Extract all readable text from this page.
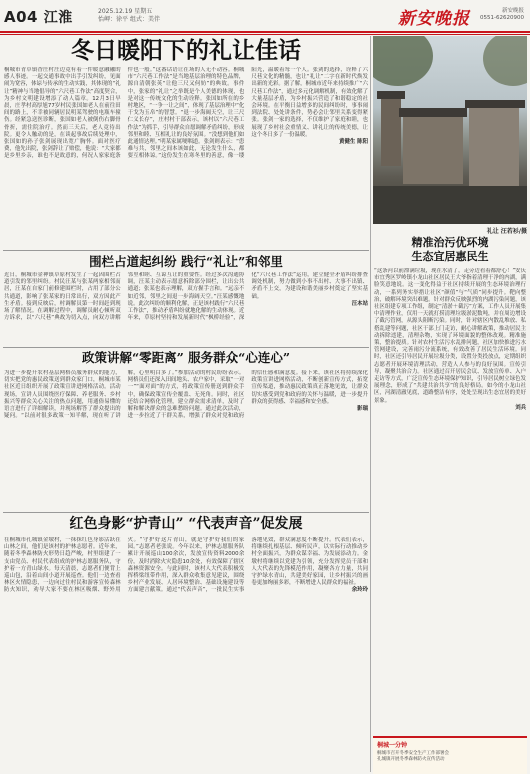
A04 江淮	2025.12.19 星期五
怡岬：徐平 组式：美伴	新安晚报	新安晚报
0551-62620900
冬日暖阳下的礼让佳话
桐城市青草镇香庄村庄边竟有着一件暖意融融的感人事迹。一起交通事故中出手引发纠纷，见面闹为宽容，体谅与传承的生动实践，其体现的“礼让”精神与当地倡导的“六尺巷工作法”高度契合，为乡村文明建设增添了动人篇章。12月3日早晨，庄孝村高厚旭77岁村民张国如老人在前往田间的路上，不幸被同辆居民明某驾驶的电瓶车撞伤。经紧急送医诊断，张国如老人被倒伤右脚骨骨折，需住院治疗。然而三天后，老人竟待出院。更令人触动的是，在谈起事故后续处理中，张国如的孙子张剑展现出宽广胸怀。面对医疗费，他先出院，张剑辞让了赔偿，他说：“大家都是乡里乡亲，谁也不是故意的，何况人家家庭条件也一般。”这番话语让在场的人无不动容。桐城市“六尺巷工作法”是当地基层治理的特色品牌，源自清朝张英“让他三尺又何妨”的典故。事件中，张家的“礼让”之举既是个人美德的体现，也是对这一传统文化的生动诠释。张国如所在的乡村地区，“一争一让之间”，体现了基层治理中“化干戈为玉帛”的智慧。“退一步海阔天空，让三尺仁义长存”，庄村村干部表示，该村以“六尺巷工作法”为抓手，引导群众自愿调解矛盾纠纷，形成邻里和睦、互相礼让的良好氛围。“没想到他们如此通情达理。”明某家属哽咽道。张剑则表示：“患难与共，邻里之间本该如此，无论发生什么，都要互相体谅。”这份发生在寒冬里的善意，像一缕阳光，温暖着每一个人。张剑的选择，诠释了六尺巷文化的精髓，也让“礼让”二字在新时代焕发出新的光彩。据了解，桐城市近年来持续推广“六尺巷工作法”，通过多元化调解机制，有效化解了大量基层矛盾，为乡村振兴营造了和谐稳定的社会环境。在平衡日益增多的民间纠纷时，事事闹到法院、处处讲条件，势必会让邻里关系变得紧张。张剑一家的选择，不仅维护了家庭和睦，也展现了乡村社会重情义、讲礼让的传统美德，让这个冬日多了一份温暖。
黄健生 陈阳
礼让 汪若衫/摄
精准治污优环境
生态宜居惠民生
“这条河以前漂满垃圾，现在水清了，走旁边看着都舒心！”安庆市宜秀区罗岭镇小龙山社区居民王大爷指着清理干净的内湖，满脸笑意地说。这一变化得益于社区持续开展的生态环境治理行动，一系列务实举措让社区“颜值”与“气质”同步提升。靶向整治，破解环境突出难题。针对群众反映强烈的内湖污染问题，该社区组建专项工作组，制定“清淤＋截污”方案，工作人员开展集中清理作业，仅用一天就打捞清理垃圾淤泥数吨，并在周边增设了截污管网，从源头阻断污染。同时，针对辖区内散乱堆放、私搭乱建等问题，社区干部上门走访，耐心讲解政策，推动居民主动拆除违建，清理杂物，实现了环境面貌的整体改观。精准施策，整治提质。针对农村生活污水乱排问题，社区加快推进污水管网建设，完善雨污分流系统，有效改善了居民生活环境。同时，社区还引导居民开展垃圾分类，设置分类投放点，定期组织志愿者开展环境清理活动，营造人人参与的良好氛围。宣传引导，凝聚共治合力。社区通过召开居民会议、发放宣传单、入户走访等方式，广泛宣传生态环境保护知识，引导居民树立绿色发展理念，形成了“共建共治共享”的良好格局。如今的小龙山社区，河湖清澈见底，道路整洁有序，处处呈现出生态宜居的美好景象。
刘兵
围栏占道起纠纷 践行“礼让”和邻里
近日，桐城市金神镇草原村发生了一起因围栏占道引发的邻里纠纷。村民汪某与张某两家相邻而居，汪某在自家门前修建围栏时，占用了部分公共通道，影响了张某家的日常出行，双方因此产生矛盾。接到反映后，村调解员第一时间赶到现场了解情况。在调解过程中，调解员耐心倾听双方诉求，以“六尺巷”典故为切入点，向双方讲解邻里和睦、互谅互让的重要性。经过多次沟通协调，汪某主动表示愿意拆除部分围栏，让出公共通道；张某也表示理解，双方握手言和。“远亲不如近邻，邻里之间退一步海阔天空。”汪某感慨地说。此次纠纷的顺利化解，正是该村践行“六尺巷工作法”，推动矛盾纠纷就地化解的生动体现。近年来，草原村坚持和发展新时代“枫桥经验”，深化“六尺巷工作法”运用，建立健全矛盾纠纷排查调处机制，努力做到小事不出村、大事不出镇、矛盾不上交，为建设和谐美丽乡村奠定了坚实基础。
汪本站
政策讲解“零距离” 服务群众“心连心”
为进一步提升农村基层网格员服务群众的能力，切实把党的惠民政策送到群众家门口，桐城市某社区近日组织开展了政策宣讲进网格活动。活动现场，宣讲人员围绕医疗保障、养老服务、乡村振兴等群众关心关注的热点问题，用通俗易懂的语言进行了详细解读，并现场解答了群众提出的疑问。“以前对很多政策一知半解，现在听了讲解，心里明白多了。”参加活动的村民纷纷表示。网格员们还深入田间地头、农户家中，采取“一对一”“面对面”的方式，将政策宣传册送到群众手中，确保政策宣传全覆盖、无死角。同时，社区还结合网格化管理，建立群众需求清单，及时了解和解决群众的急难愁盼问题。通过此次活动，进一步拉近了干群关系，增强了群众对党和政府的信任感和满意度。接下来，该社区将持续深化政策宣讲进网格活动，不断创新宣传方式，拓宽宣传渠道，推动惠民政策真正落地见效，让群众切实感受到党和政府的关怀与温暖，进一步提升群众的获得感、幸福感和安全感。
影瑞
红色身影“护青山” “代表声音”促发展
在桐城市孔城镇金墩村，一抹抹红色身影活跃在山林之间，他们是该村的护林志愿者。近年来，随着冬季森林防火形势日趋严峻，村里组建了一支由党员、村民代表组成的护林志愿服务队，守护着一方青山绿水。每天清晨，志愿者们便背上巡山包，沿着山间小道开展巡查。他们一边查看林区火情隐患，一边向过往村民和游客宣传森林防火知识，劝导大家不要在林区吸烟、野外用火。“守护好这片青山，就是守护好我们的家园。”志愿者老张说。今年以来，护林志愿服务队累计开展巡山100余次，发放宣传资料2000余份，及时消除火灾隐患10余处，有效保障了辖区森林资源安全。与此同时，该村人大代表积极发挥桥梁纽带作用，深入群众收集意见建议，围绕乡村产业发展、人居环境整治、基础设施建设等方面建言献策。通过“代表声音”，一批民生实事落地见效，群众满意度不断提升。代表们表示，将继续扎根基层、倾听民声，以实际行动推动乡村全面振兴，为群众谋幸福、为发展添动力。金墩村将继续以党建为引领，充分发挥党员干部和人大代表的先锋模范作用，凝聚各方力量，共同守护绿水青山，共建美好家园，让乡村振兴的画卷更加绚丽多彩，不断增进人民群众的福祉。
余玲玲
桐城一分钟
桐城市召开冬季安全生产工作部署会
孔城镇开展冬季森林防火宣传活动
